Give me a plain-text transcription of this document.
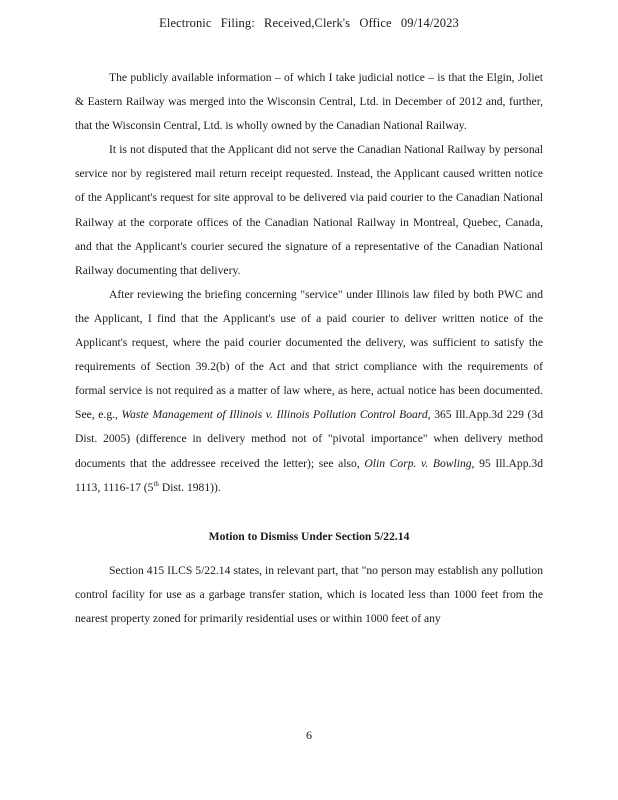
Electronic Filing: Received,Clerk's Office 09/14/2023

The publicly available information – of which I take judicial notice – is that the Elgin, Joliet & Eastern Railway was merged into the Wisconsin Central, Ltd. in December of 2012 and, further, that the Wisconsin Central, Ltd. is wholly owned by the Canadian National Railway.

It is not disputed that the Applicant did not serve the Canadian National Railway by personal service nor by registered mail return receipt requested. Instead, the Applicant caused written notice of the Applicant's request for site approval to be delivered via paid courier to the Canadian National Railway at the corporate offices of the Canadian National Railway in Montreal, Quebec, Canada, and that the Applicant's courier secured the signature of a representative of the Canadian National Railway documenting that delivery.

After reviewing the briefing concerning "service" under Illinois law filed by both PWC and the Applicant, I find that the Applicant's use of a paid courier to deliver written notice of the Applicant's request, where the paid courier documented the delivery, was sufficient to satisfy the requirements of Section 39.2(b) of the Act and that strict compliance with the requirements of formal service is not required as a matter of law where, as here, actual notice has been documented. See, e.g., Waste Management of Illinois v. Illinois Pollution Control Board, 365 Ill.App.3d 229 (3d Dist. 2005) (difference in delivery method not of "pivotal importance" when delivery method documents that the addressee received the letter); see also, Olin Corp. v. Bowling, 95 Ill.App.3d 1113, 1116-17 (5th Dist. 1981)).

Motion to Dismiss Under Section 5/22.14

Section 415 ILCS 5/22.14 states, in relevant part, that "no person may establish any pollution control facility for use as a garbage transfer station, which is located less than 1000 feet from the nearest property zoned for primarily residential uses or within 1000 feet of any

6
